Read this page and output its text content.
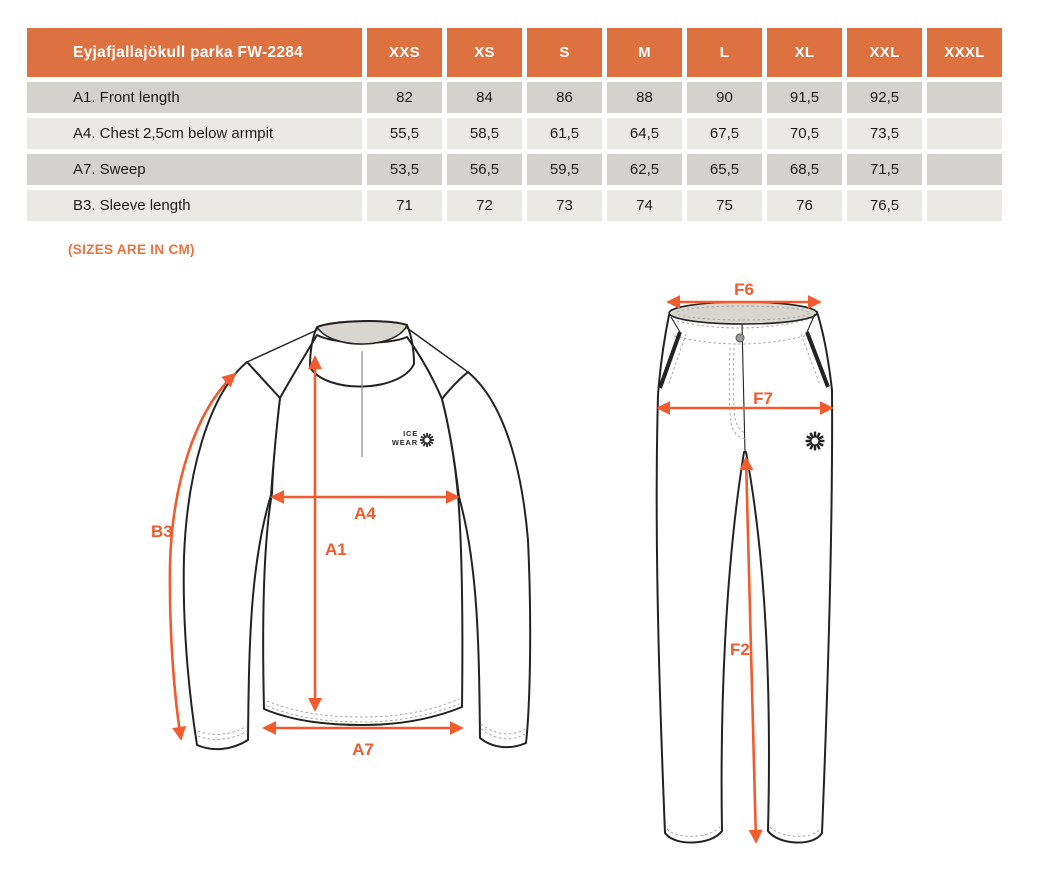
Eyjafjallajökull parka FW-2284	XXS	XS	S	M	L	XL	XXL	XXXL
A1. Front length	82	84	86	88	90	91,5	92,5
A4. Chest 2,5cm below armpit	55,5	58,5	61,5	64,5	67,5	70,5	73,5
A7. Sweep	53,5	56,5	59,5	62,5	65,5	68,5	71,5
B3. Sleeve length	71	72	73	74	75	76	76,5
(SIZES ARE IN CM)
ICE
WEAR
B3
A1
A4
A7
F6
F7
F2
